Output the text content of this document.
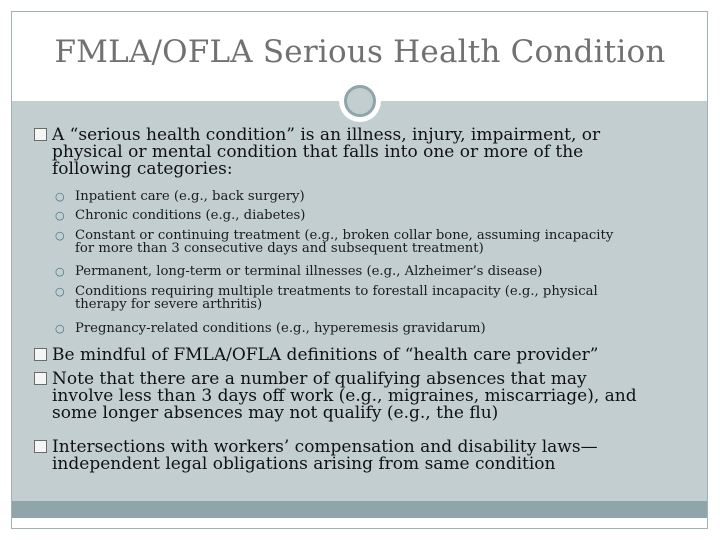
FMLA/OFLA Serious Health Condition
A “serious health condition” is an illness, injury, impairment, or
physical or mental condition that falls into one or more of the
following categories:
○ Inpatient care (e.g., back surgery)
○ Chronic conditions (e.g., diabetes)
○ Constant or continuing treatment (e.g., broken collar bone, assuming incapacity
for more than 3 consecutive days and subsequent treatment)
○ Permanent, long-term or terminal illnesses (e.g., Alzheimer’s disease)
○ Conditions requiring multiple treatments to forestall incapacity (e.g., physical
therapy for severe arthritis)
○ Pregnancy-related conditions (e.g., hyperemesis gravidarum)
Be mindful of FMLA/OFLA definitions of “health care provider”
Note that there are a number of qualifying absences that may
involve less than 3 days off work (e.g., migraines, miscarriage), and
some longer absences may not qualify (e.g., the flu)
Intersections with workers’ compensation and disability laws—
independent legal obligations arising from same condition
